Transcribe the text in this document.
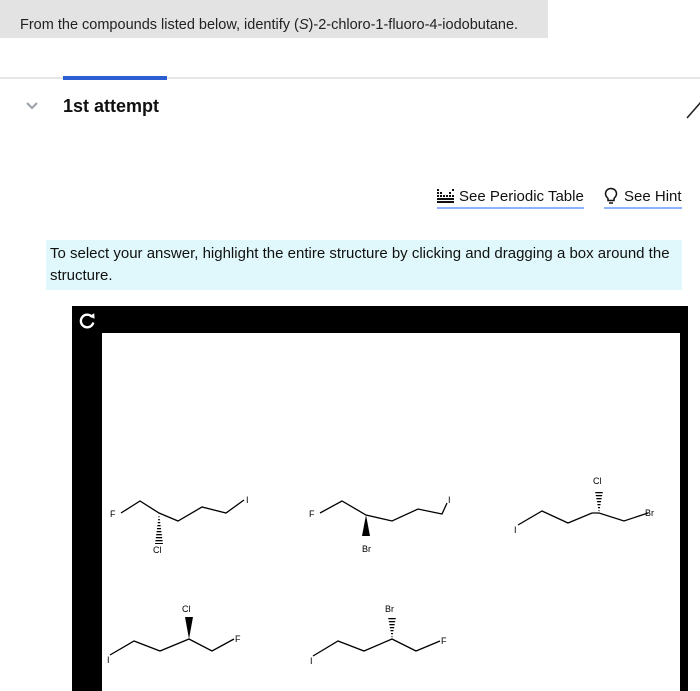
From the compounds listed below, identify (S)-2-chloro-1-fluoro-4-iodobutane.
1st attempt
See Periodic Table	See Hint
To select your answer, highlight the entire structure by clicking and dragging a box around the structure.
F
Cl
I
F
Br
I
I
Cl
Br
I
Cl
F
I
Br
F
